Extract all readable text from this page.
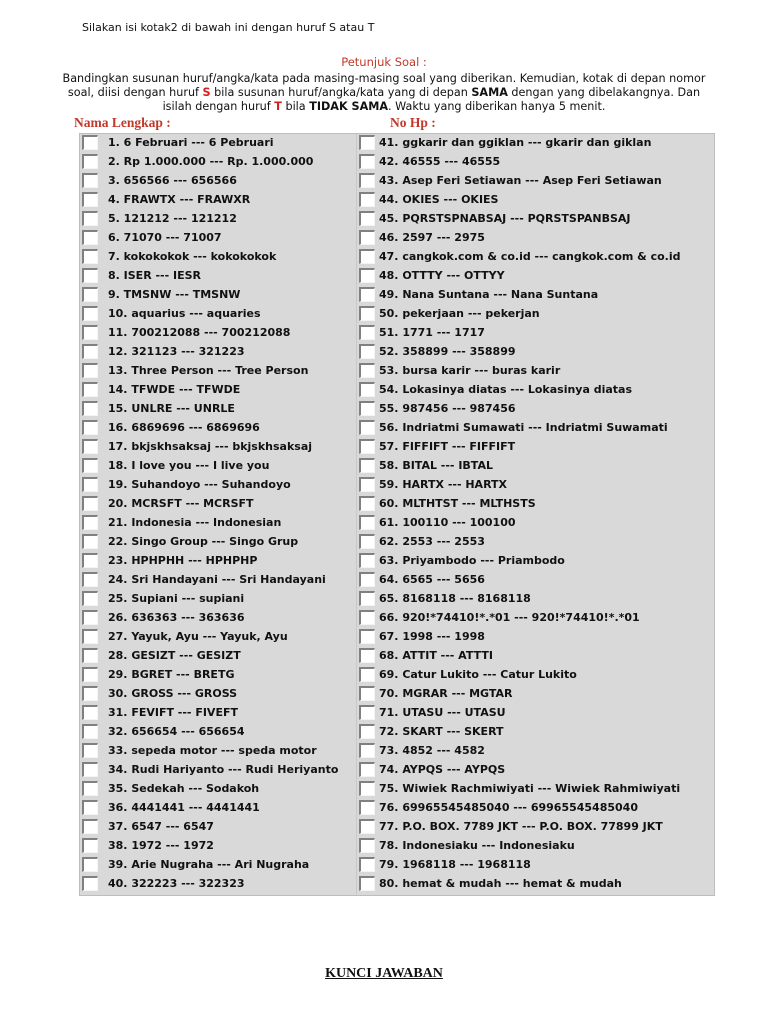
Silakan isi kotak2 di bawah ini dengan huruf S atau T
Petunjuk Soal :
Bandingkan susunan huruf/angka/kata pada masing-masing soal yang diberikan. Kemudian, kotak di depan nomor soal, diisi dengan huruf S bila susunan huruf/angka/kata yang di depan SAMA dengan yang dibelakangnya. Dan isilah dengan huruf T bila TIDAK SAMA. Waktu yang diberikan hanya 5 menit.
Nama Lengkap :	No Hp :
1. 6 Februari --- 6 Pebruari
2. Rp 1.000.000 --- Rp. 1.000.000
3. 656566 --- 656566
4. FRAWTX --- FRAWXR
5. 121212 --- 121212
6. 71070 --- 71007
7. kokokokok --- kokokokok
8. ISER --- IESR
9. TMSNW --- TMSNW
10. aquarius --- aquaries
11. 700212088 --- 700212088
12. 321123 --- 321223
13. Three Person --- Tree Person
14. TFWDE --- TFWDE
15. UNLRE --- UNRLE
16. 6869696 --- 6869696
17. bkjskhsaksaj --- bkjskhsaksaj
18. I love you --- I live you
19. Suhandoyo --- Suhandoyo
20. MCRSFT --- MCRSFT
21. Indonesia --- Indonesian
22. Singo Group --- Singo Grup
23. HPHPHH --- HPHPHP
24. Sri Handayani --- Sri Handayani
25. Supiani --- supiani
26. 636363 --- 363636
27. Yayuk, Ayu --- Yayuk, Ayu
28. GESIZT --- GESIZT
29. BGRET --- BRETG
30. GROSS --- GROSS
31. FEVIFT --- FIVEFT
32. 656654 --- 656654
33. sepeda motor --- speda motor
34. Rudi Hariyanto --- Rudi Heriyanto
35. Sedekah --- Sodakoh
36. 4441441 --- 4441441
37. 6547 --- 6547
38. 1972 --- 1972
39. Arie Nugraha --- Ari Nugraha
40. 322223 --- 322323
41. ggkarir dan ggiklan --- gkarir dan giklan
42. 46555 --- 46555
43. Asep Feri Setiawan --- Asep Feri Setiawan
44. OKIES --- OKIES
45. PQRSTSPNABSAJ --- PQRSTSPANBSAJ
46. 2597 --- 2975
47. cangkok.com & co.id --- cangkok.com & co.id
48. OTTTY --- OTTYY
49. Nana Suntana --- Nana Suntana
50. pekerjaan --- pekerjan
51. 1771 --- 1717
52. 358899 --- 358899
53. bursa karir --- buras karir
54. Lokasinya diatas --- Lokasinya diatas
55. 987456 --- 987456
56. Indriatmi Sumawati --- Indriatmi Suwamati
57. FIFFIFT --- FIFFIFT
58. BITAL --- IBTAL
59. HARTX --- HARTX
60. MLTHTST --- MLTHSTS
61. 100110 --- 100100
62. 2553 --- 2553
63. Priyambodo --- Priambodo
64. 6565 --- 5656
65. 8168118 --- 8168118
66. 920!*74410!*.*01 --- 920!*74410!*.*01
67. 1998 --- 1998
68. ATTIT --- ATTTI
69. Catur Lukito --- Catur Lukito
70. MGRAR --- MGTAR
71. UTASU --- UTASU
72. SKART --- SKERT
73. 4852 --- 4582
74. AYPQS --- AYPQS
75. Wiwiek Rachmiwiyati --- Wiwiek Rahmiwiyati
76. 69965545485040 --- 69965545485040
77. P.O. BOX. 7789 JKT --- P.O. BOX. 77899 JKT
78. Indonesiaku --- Indonesiaku
79. 1968118 --- 1968118
80. hemat & mudah --- hemat & mudah
KUNCI JAWABAN
